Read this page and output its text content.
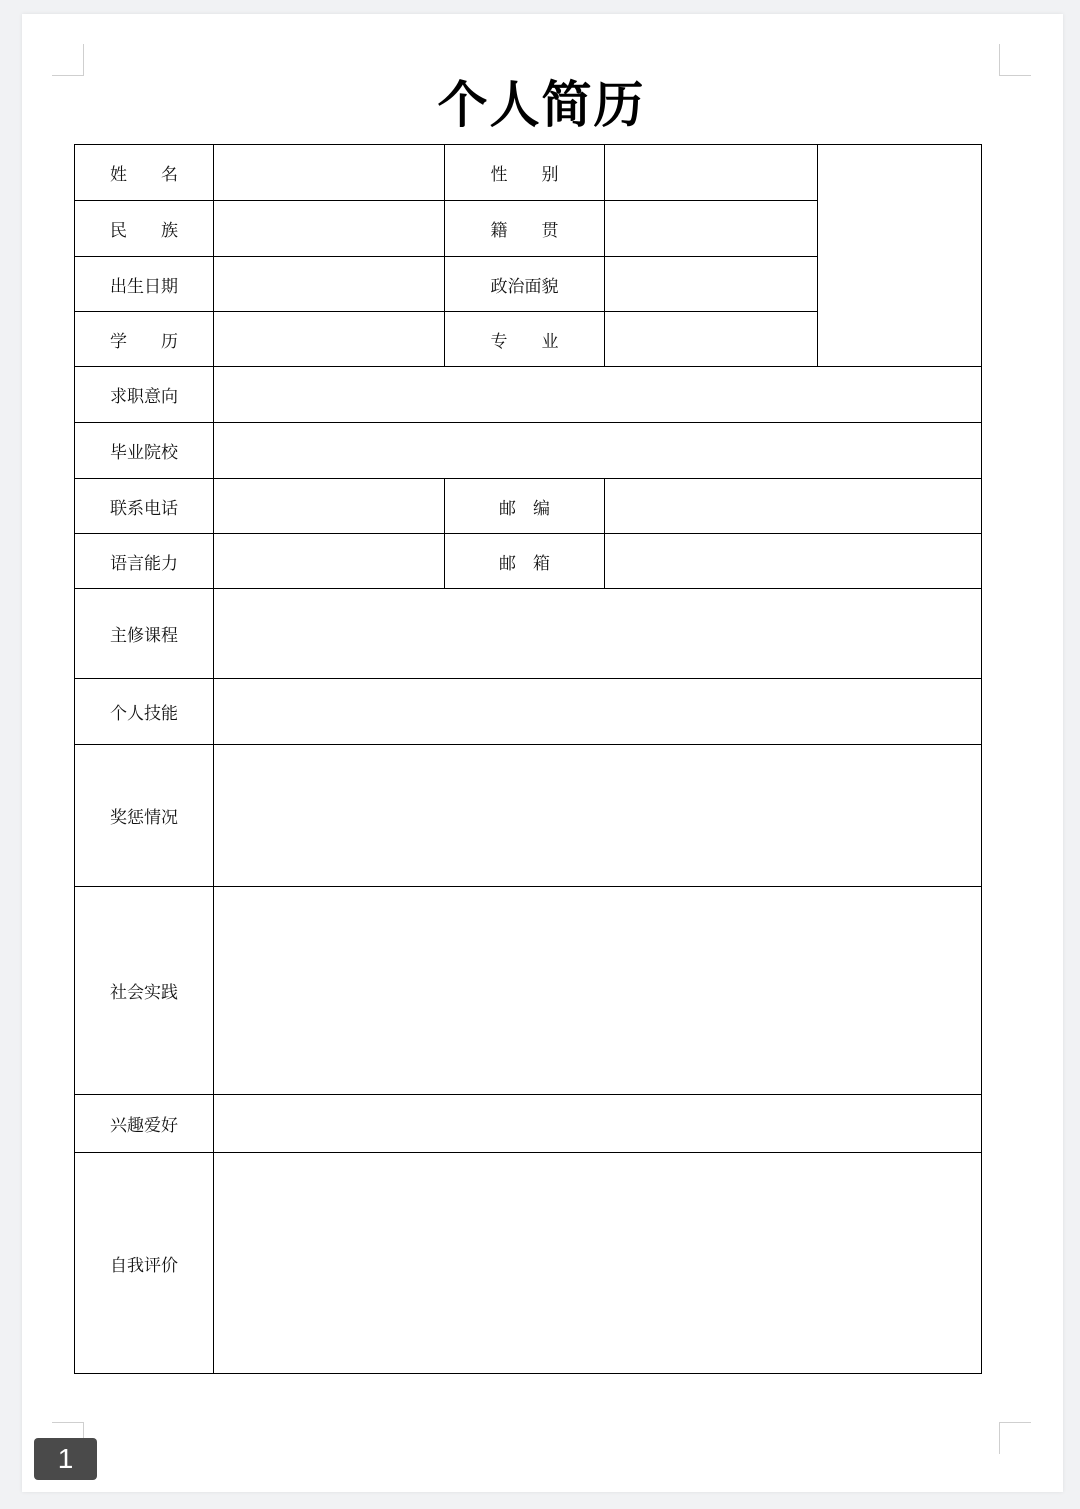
个人简历
姓　　名		性　　别		
民　　族		籍　　贯		
出生日期		政治面貌		
学　　历		专　　业		
求职意向				
毕业院校				
联系电话		邮　编		
语言能力		邮　箱		
主修课程				
个人技能				
奖惩情况				
社会实践				
兴趣爱好				
自我评价				
1
